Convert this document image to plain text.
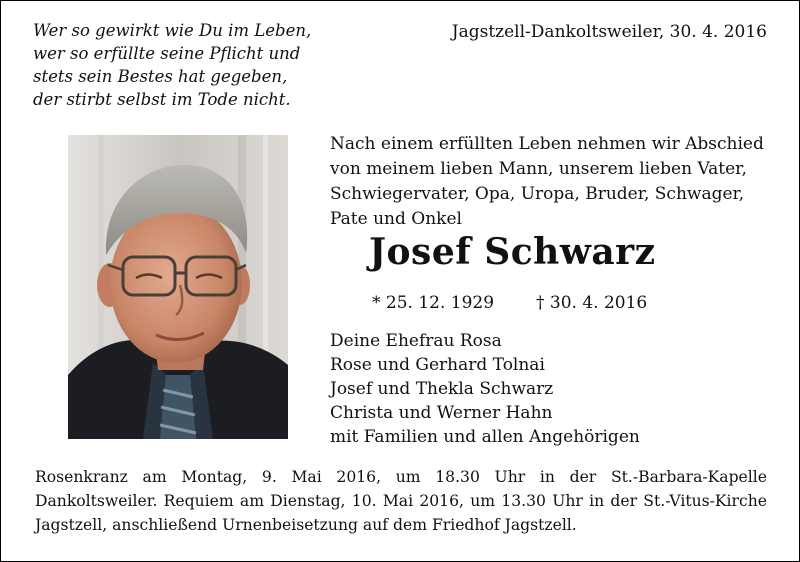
Wer so gewirkt wie Du im Leben,
wer so erfüllte seine Pflicht und
stets sein Bestes hat gegeben,
der stirbt selbst im Tode nicht.
Jagstzell-Dankoltsweiler, 30. 4. 2016
Nach einem erfüllten Leben nehmen wir Abschied
von meinem lieben Mann, unserem lieben Vater,
Schwiegervater, Opa, Uropa, Bruder, Schwager,
Pate und Onkel
Josef Schwarz
* 25. 12. 1929 † 30. 4. 2016
Deine Ehefrau Rosa
Rose und Gerhard Tolnai
Josef und Thekla Schwarz
Christa und Werner Hahn
mit Familien und allen Angehörigen
Rosenkranz am Montag, 9. Mai 2016, um 18.30 Uhr in der St.-Barbara-Kapelle
Dankoltsweiler. Requiem am Dienstag, 10. Mai 2016, um 13.30 Uhr in der St.-Vitus-Kirche
Jagstzell, anschließend Urnenbeisetzung auf dem Friedhof Jagstzell.
